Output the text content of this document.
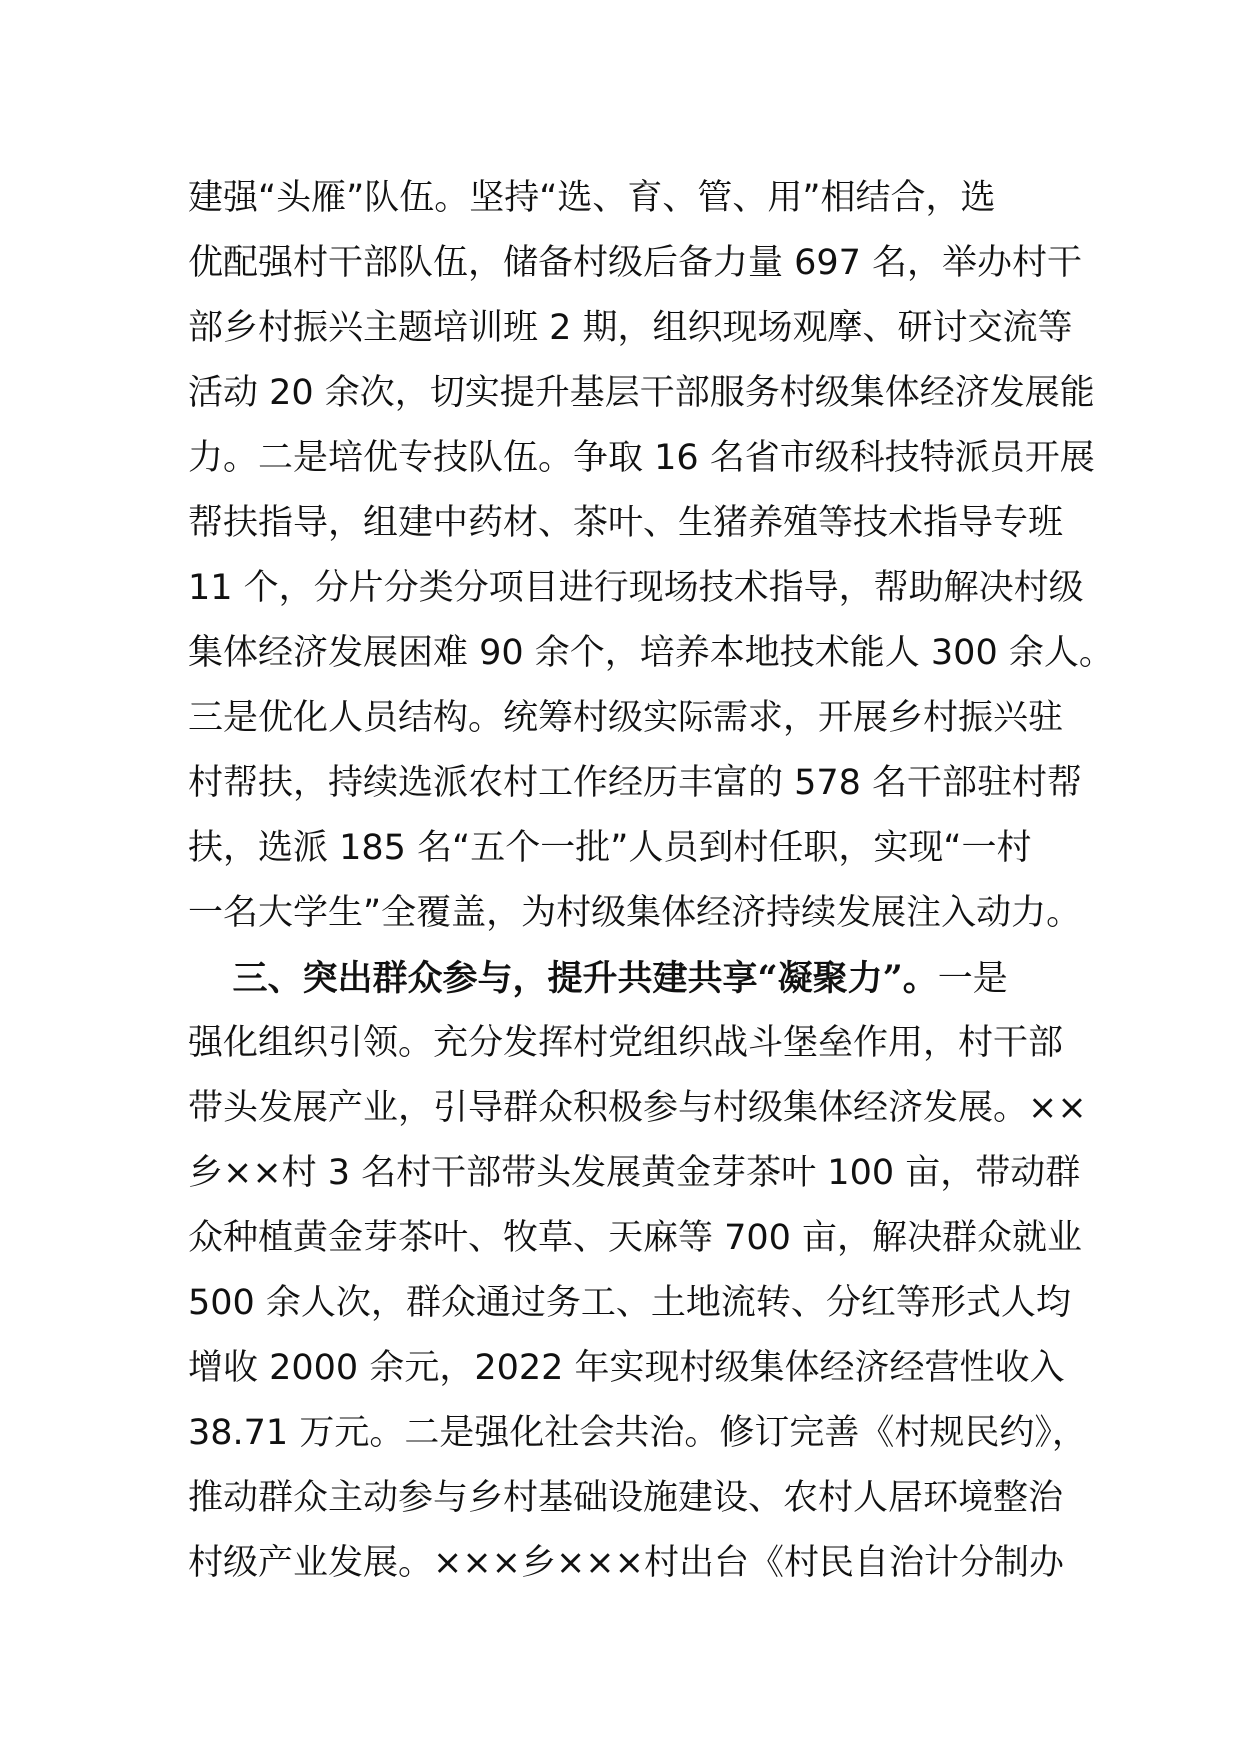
建强“头雁”队伍。坚持“选、育、管、用”相结合，选
优配强村干部队伍，储备村级后备力量 697 名，举办村干
部乡村振兴主题培训班 2 期，组织现场观摩、研讨交流等
活动 20 余次，切实提升基层干部服务村级集体经济发展能
力。二是培优专技队伍。争取 16 名省市级科技特派员开展
帮扶指导，组建中药材、茶叶、生猪养殖等技术指导专班
11 个，分片分类分项目进行现场技术指导，帮助解决村级
集体经济发展困难 90 余个，培养本地技术能人 300 余人。
三是优化人员结构。统筹村级实际需求，开展乡村振兴驻
村帮扶，持续选派农村工作经历丰富的 578 名干部驻村帮
扶，选派 185 名“五个一批”人员到村任职，实现“一村
一名大学生”全覆盖，为村级集体经济持续发展注入动力。
三、突出群众参与，提升共建共享“凝聚力”。一是
强化组织引领。充分发挥村党组织战斗堡垒作用，村干部
带头发展产业，引导群众积极参与村级集体经济发展。××
乡××村 3 名村干部带头发展黄金芽茶叶 100 亩，带动群
众种植黄金芽茶叶、牧草、天麻等 700 亩，解决群众就业
500 余人次，群众通过务工、土地流转、分红等形式人均
增收 2000 余元，2022 年实现村级集体经济经营性收入
38.71 万元。二是强化社会共治。修订完善《村规民约》，
推动群众主动参与乡村基础设施建设、农村人居环境整治
村级产业发展。×××乡×××村出台《村民自治计分制办
